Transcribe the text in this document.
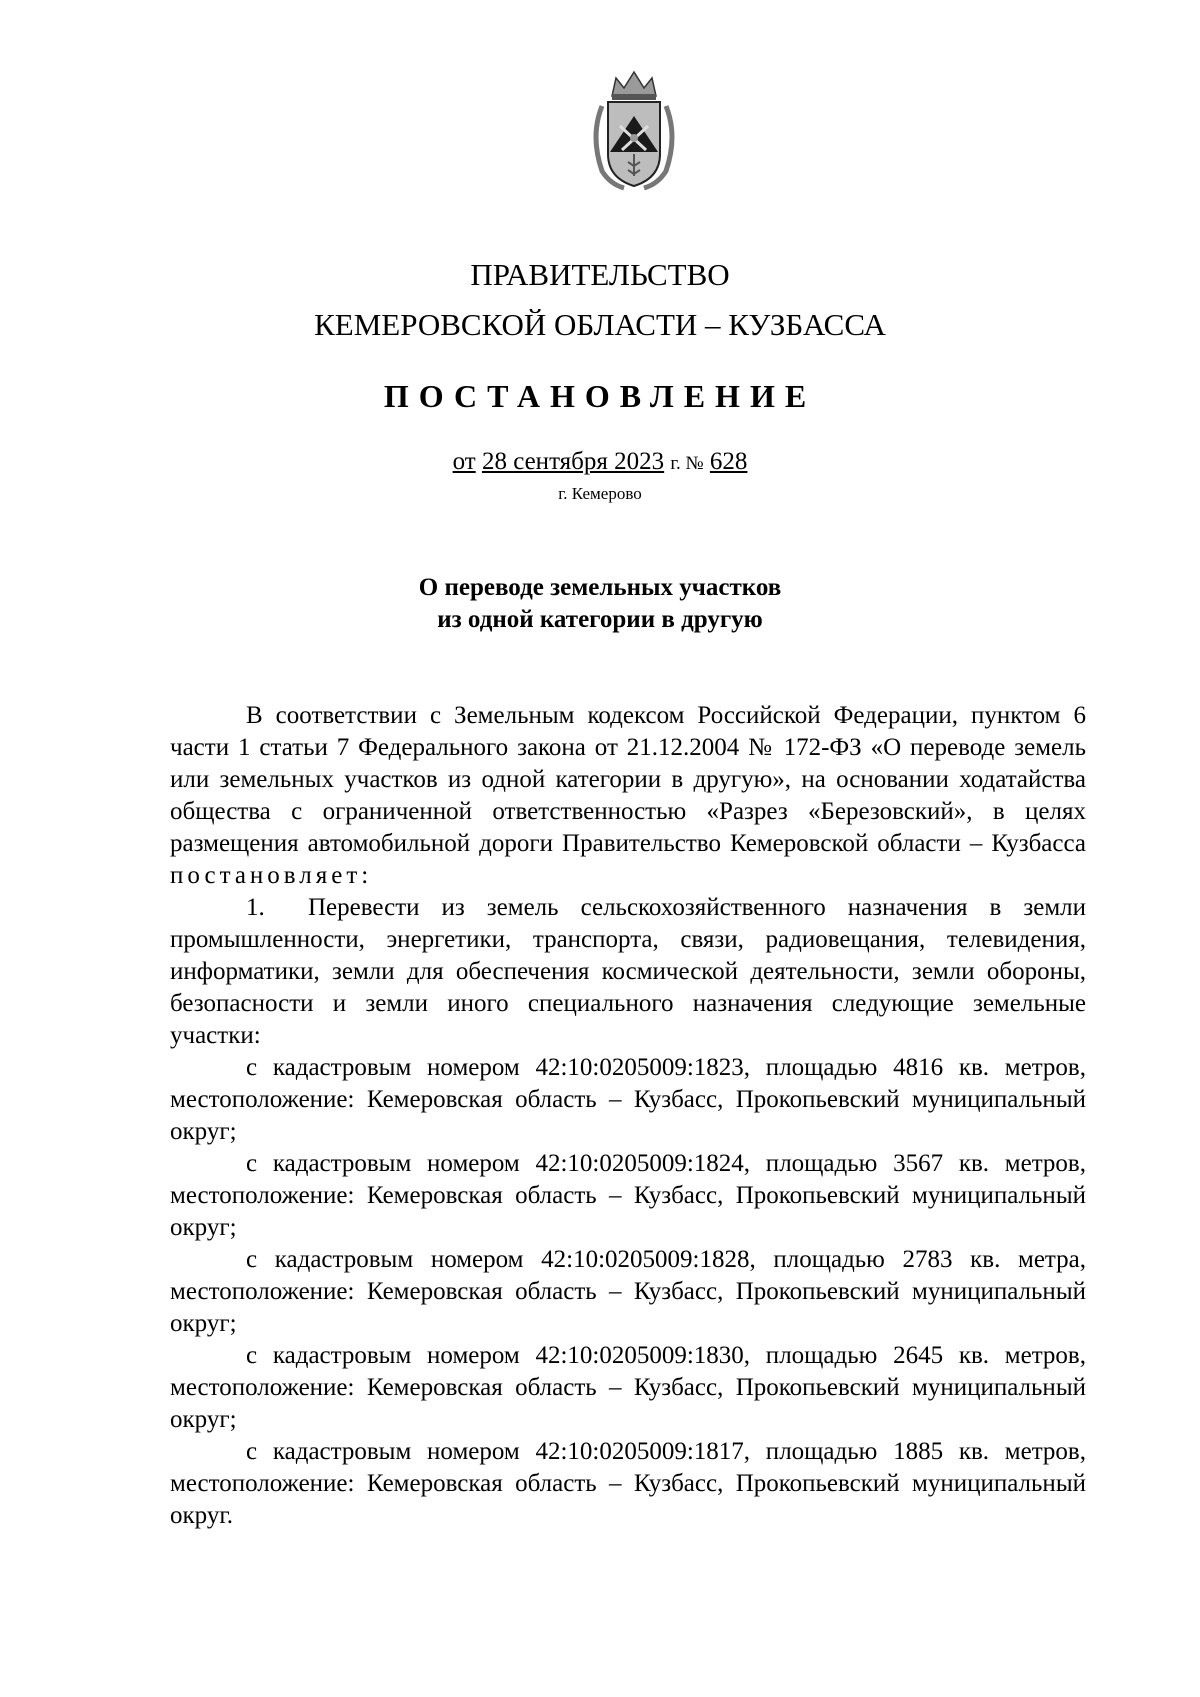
ПРАВИТЕЛЬСТВО
КЕМЕРОВСКОЙ ОБЛАСТИ – КУЗБАССА
ПОСТАНОВЛЕНИЕ
от 28 сентября 2023 г. № 628
г. Кемерово
О переводе земельных участков
из одной категории в другую

В соответствии с Земельным кодексом Российской Федерации, пунктом 6 части 1 статьи 7 Федерального закона от 21.12.2004 № 172-ФЗ «О переводе земель или земельных участков из одной категории в другую», на основании ходатайства общества с ограниченной ответственностью «Разрез «Березовский», в целях размещения автомобильной дороги Правительство Кемеровской области – Кузбасса постановляет:

1. Перевести из земель сельскохозяйственного назначения в земли промышленности, энергетики, транспорта, связи, радиовещания, телевидения, информатики, земли для обеспечения космической деятельности, земли обороны, безопасности и земли иного специального назначения следующие земельные участки:

с кадастровым номером 42:10:0205009:1823, площадью 4816 кв. метров, местоположение: Кемеровская область – Кузбасс, Прокопьевский муниципальный округ;

с кадастровым номером 42:10:0205009:1824, площадью 3567 кв. метров, местоположение: Кемеровская область – Кузбасс, Прокопьевский муниципальный округ;

с кадастровым номером 42:10:0205009:1828, площадью 2783 кв. метра, местоположение: Кемеровская область – Кузбасс, Прокопьевский муниципальный округ;

с кадастровым номером 42:10:0205009:1830, площадью 2645 кв. метров, местоположение: Кемеровская область – Кузбасс, Прокопьевский муниципальный округ;

с кадастровым номером 42:10:0205009:1817, площадью 1885 кв. метров, местоположение: Кемеровская область – Кузбасс, Прокопьевский муниципальный округ.
